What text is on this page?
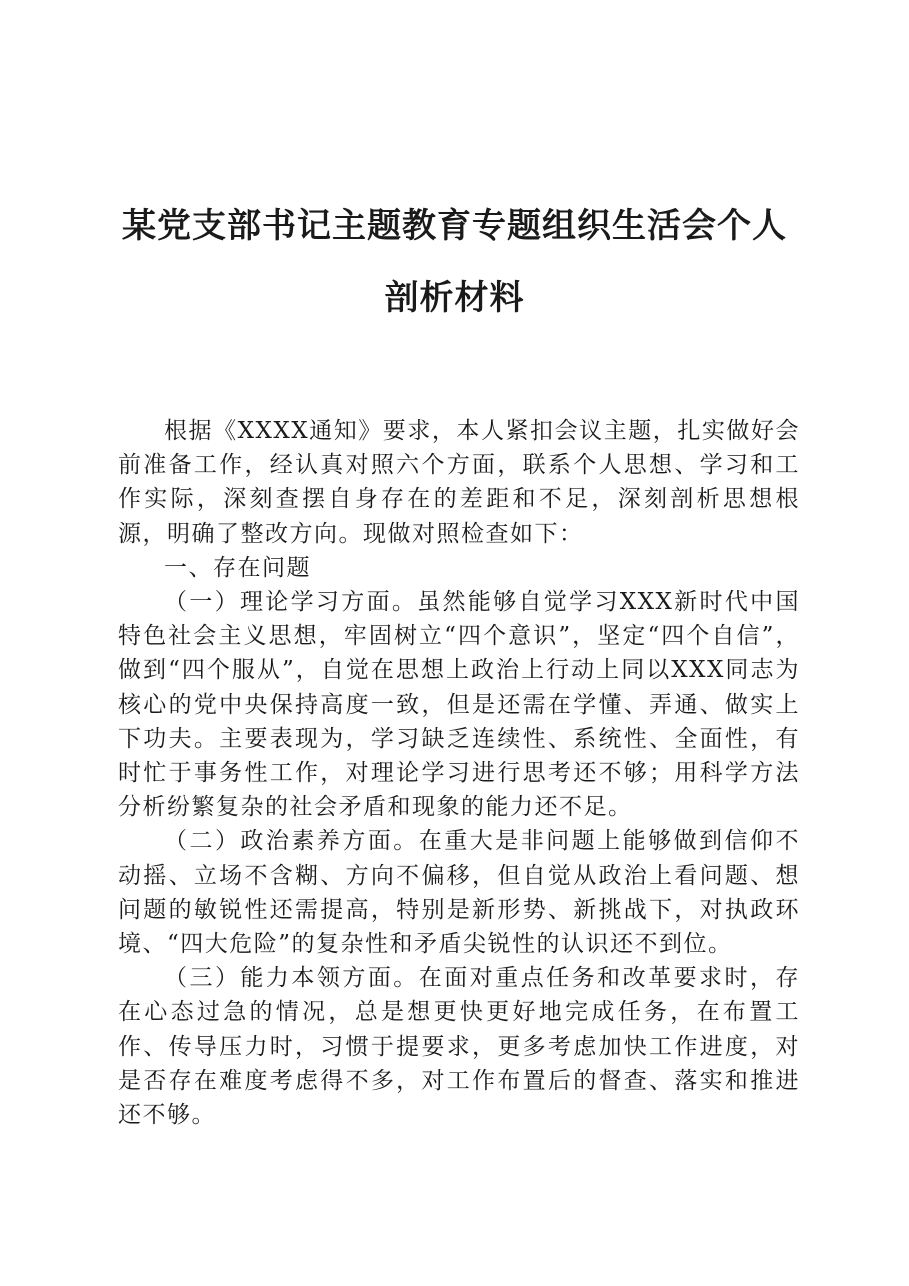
某党支部书记主题教育专题组织生活会个人剖析材料

根据《XXXX通知》要求，本人紧扣会议主题，扎实做好会前准备工作，经认真对照六个方面，联系个人思想、学习和工作实际，深刻查摆自身存在的差距和不足，深刻剖析思想根源，明确了整改方向。现做对照检查如下：

一、存在问题

（一）理论学习方面。虽然能够自觉学习XXX新时代中国特色社会主义思想，牢固树立“四个意识”，坚定“四个自信”，做到“四个服从”，自觉在思想上政治上行动上同以XXX同志为核心的党中央保持高度一致，但是还需在学懂、弄通、做实上下功夫。主要表现为，学习缺乏连续性、系统性、全面性，有时忙于事务性工作，对理论学习进行思考还不够；用科学方法分析纷繁复杂的社会矛盾和现象的能力还不足。

（二）政治素养方面。在重大是非问题上能够做到信仰不动摇、立场不含糊、方向不偏移，但自觉从政治上看问题、想问题的敏锐性还需提高，特别是新形势、新挑战下，对执政环境、“四大危险”的复杂性和矛盾尖锐性的认识还不到位。

（三）能力本领方面。在面对重点任务和改革要求时，存在心态过急的情况，总是想更快更好地完成任务，在布置工作、传导压力时，习惯于提要求，更多考虑加快工作进度，对是否存在难度考虑得不多，对工作布置后的督查、落实和推进还不够。
